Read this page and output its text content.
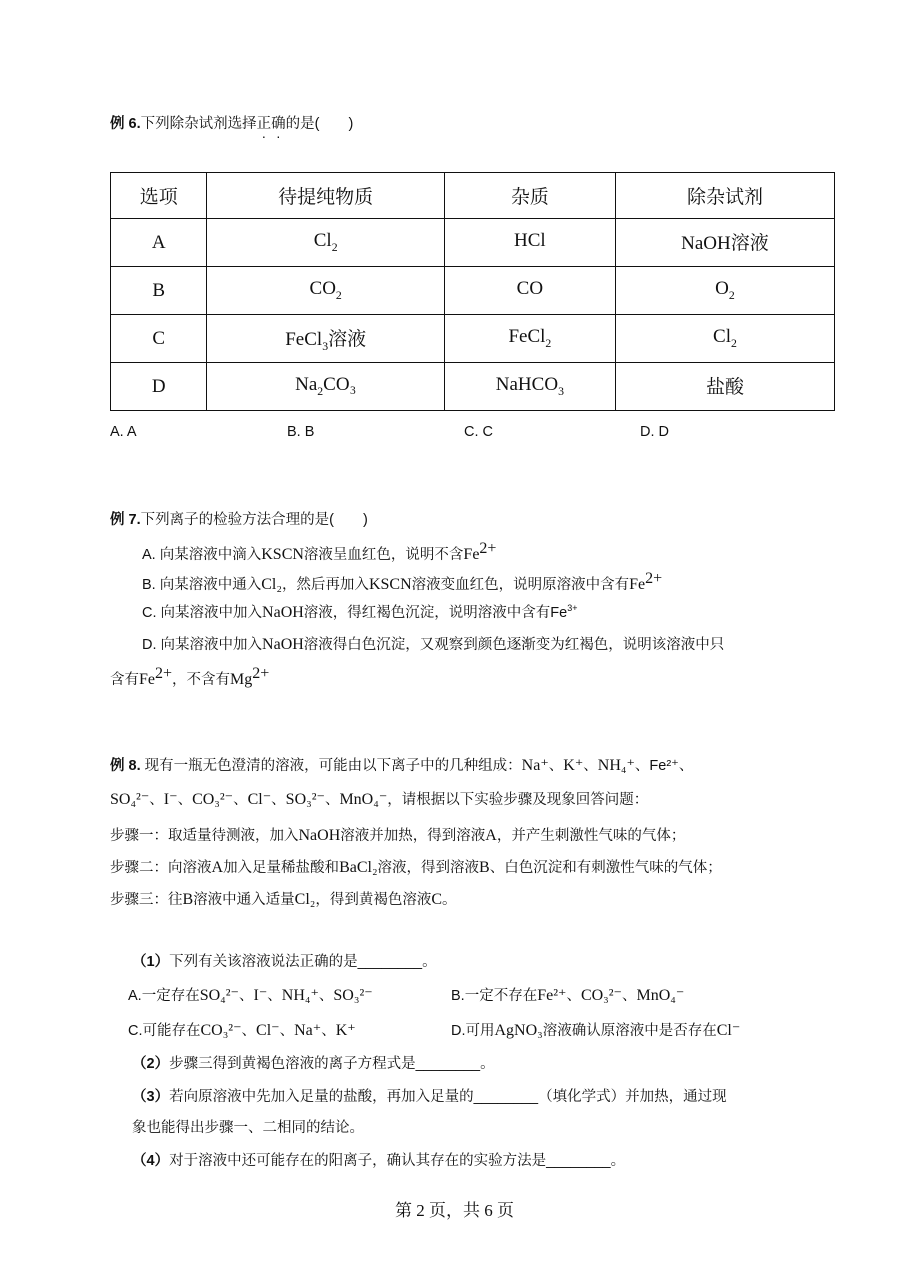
例 6.下列除杂试剂选择正确的是(　　)
选项	待提纯物质	杂质	除杂试剂
A	$Cl_2$	HCl	NaOH溶液
B	$CO_2$	CO	$O_2$
C	FeCl$_3$溶液	FeCl$_2$	$Cl_2$
D	$Na_2CO_3$	NaHCO$_3$	盐酸
A. A	B. B	C. C	D. D
例 7.下列离子的检验方法合理的是(　　)
A. 向某溶液中滴入KSCN溶液呈血红色，说明不含$Fe^{2+}$
B. 向某溶液中通入Cl₂，然后再加入KSCN溶液变血红色，说明原溶液中含有$Fe^{2+}$
C. 向某溶液中加入NaOH溶液，得红褐色沉淀，说明溶液中含有$Fe^{3+}$
D. 向某溶液中加入NaOH溶液得白色沉淀，又观察到颜色逐渐变为红褐色，说明该溶液中只
含有$Fe^{2+}$，不含有$Mg^{2+}$
例 8. 现有一瓶无色澄清的溶液，可能由以下离子中的几种组成：Na⁺、K⁺、NH₄⁺、Fe²⁺、
SO₄²⁻、I⁻、CO₃²⁻、Cl⁻、SO₃²⁻、MnO₄⁻，请根据以下实验步骤及现象回答问题：
步骤一：取适量待测液，加入NaOH溶液并加热，得到溶液A，并产生刺激性气味的气体；
步骤二：向溶液A加入足量稀盐酸和BaCl₂溶液，得到溶液B、白色沉淀和有刺激性气味的气体；
步骤三：往B溶液中通入适量Cl₂，得到黄褐色溶液C。
（1）下列有关该溶液说法正确的是________。
A.一定存在SO₄²⁻、I⁻、NH₄⁺、SO₃²⁻	B.一定不存在Fe²⁺、CO₃²⁻、MnO₄⁻
C.可能存在CO₃²⁻、Cl⁻、Na⁺、K⁺	D.可用AgNO₃溶液确认原溶液中是否存在Cl⁻
（2）步骤三得到黄褐色溶液的离子方程式是________。
（3）若向原溶液中先加入足量的盐酸，再加入足量的________（填化学式）并加热，通过现
象也能得出步骤一、二相同的结论。
（4）对于溶液中还可能存在的阳离子，确认其存在的实验方法是________。
第 2 页，共 6 页
